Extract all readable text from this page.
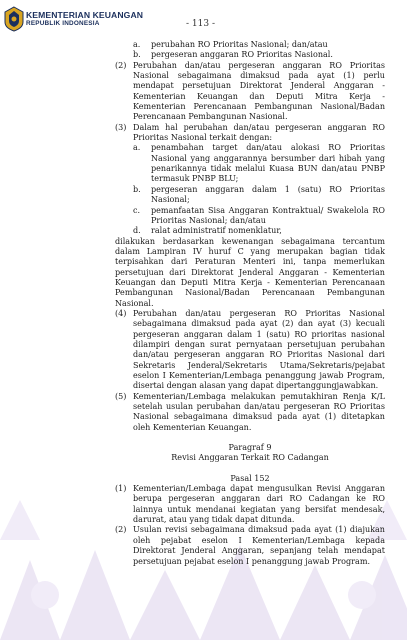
KEMENTERIAN KEUANGAN
REPUBLIK INDONESIA	- 113 -
a. perubahan RO Prioritas Nasional; dan/atau
b. pergeseran anggaran RO Prioritas Nasional.
(2) Perubahan dan/atau pergeseran anggaran RO Prioritas Nasional sebagaimana dimaksud pada ayat (1) perlu mendapat persetujuan Direktorat Jenderal Anggaran - Kementerian Keuangan dan Deputi Mitra Kerja - Kementerian Perencanaan Pembangunan Nasional/Badan Perencanaan Pembangunan Nasional.
(3) Dalam hal perubahan dan/atau pergeseran anggaran RO Prioritas Nasional terkait dengan:
a. penambahan target dan/atau alokasi RO Prioritas Nasional yang anggarannya bersumber dari hibah yang penarikannya tidak melalui Kuasa BUN dan/atau PNBP termasuk PNBP BLU;
b. pergeseran anggaran dalam 1 (satu) RO Prioritas Nasional;
c. pemanfaatan Sisa Anggaran Kontraktual/ Swakelola RO Prioritas Nasional; dan/atau
d. ralat administratif nomenklatur,
dilakukan berdasarkan kewenangan sebagaimana tercantum dalam Lampiran IV huruf C yang merupakan bagian tidak terpisahkan dari Peraturan Menteri ini, tanpa memerlukan persetujuan dari Direktorat Jenderal Anggaran - Kementerian Keuangan dan Deputi Mitra Kerja - Kementerian Perencanaan Pembangunan Nasional/Badan Perencanaan Pembangunan Nasional.
(4) Perubahan dan/atau pergeseran RO Prioritas Nasional sebagaimana dimaksud pada ayat (2) dan ayat (3) kecuali pergeseran anggaran dalam 1 (satu) RO prioritas nasional dilampiri dengan surat pernyataan persetujuan perubahan dan/atau pergeseran anggaran RO Prioritas Nasional dari Sekretaris Jenderal/Sekretaris Utama/Sekretaris/pejabat eselon I Kementerian/Lembaga penanggung jawab Program, disertai dengan alasan yang dapat dipertanggungjawabkan.
(5) Kementerian/Lembaga melakukan pemutakhiran Renja K/L setelah usulan perubahan dan/atau pergeseran RO Prioritas Nasional sebagaimana dimaksud pada ayat (1) ditetapkan oleh Kementerian Keuangan.
Paragraf 9
Revisi Anggaran Terkait RO Cadangan
Pasal 152
(1) Kementerian/Lembaga dapat mengusulkan Revisi Anggaran berupa pergeseran anggaran dari RO Cadangan ke RO lainnya untuk mendanai kegiatan yang bersifat mendesak, darurat, atau yang tidak dapat ditunda.
(2) Usulan revisi sebagaimana dimaksud pada ayat (1) diajukan oleh pejabat eselon I Kementerian/Lembaga kepada Direktorat Jenderal Anggaran, sepanjang telah mendapat persetujuan pejabat eselon I penanggung jawab Program.
